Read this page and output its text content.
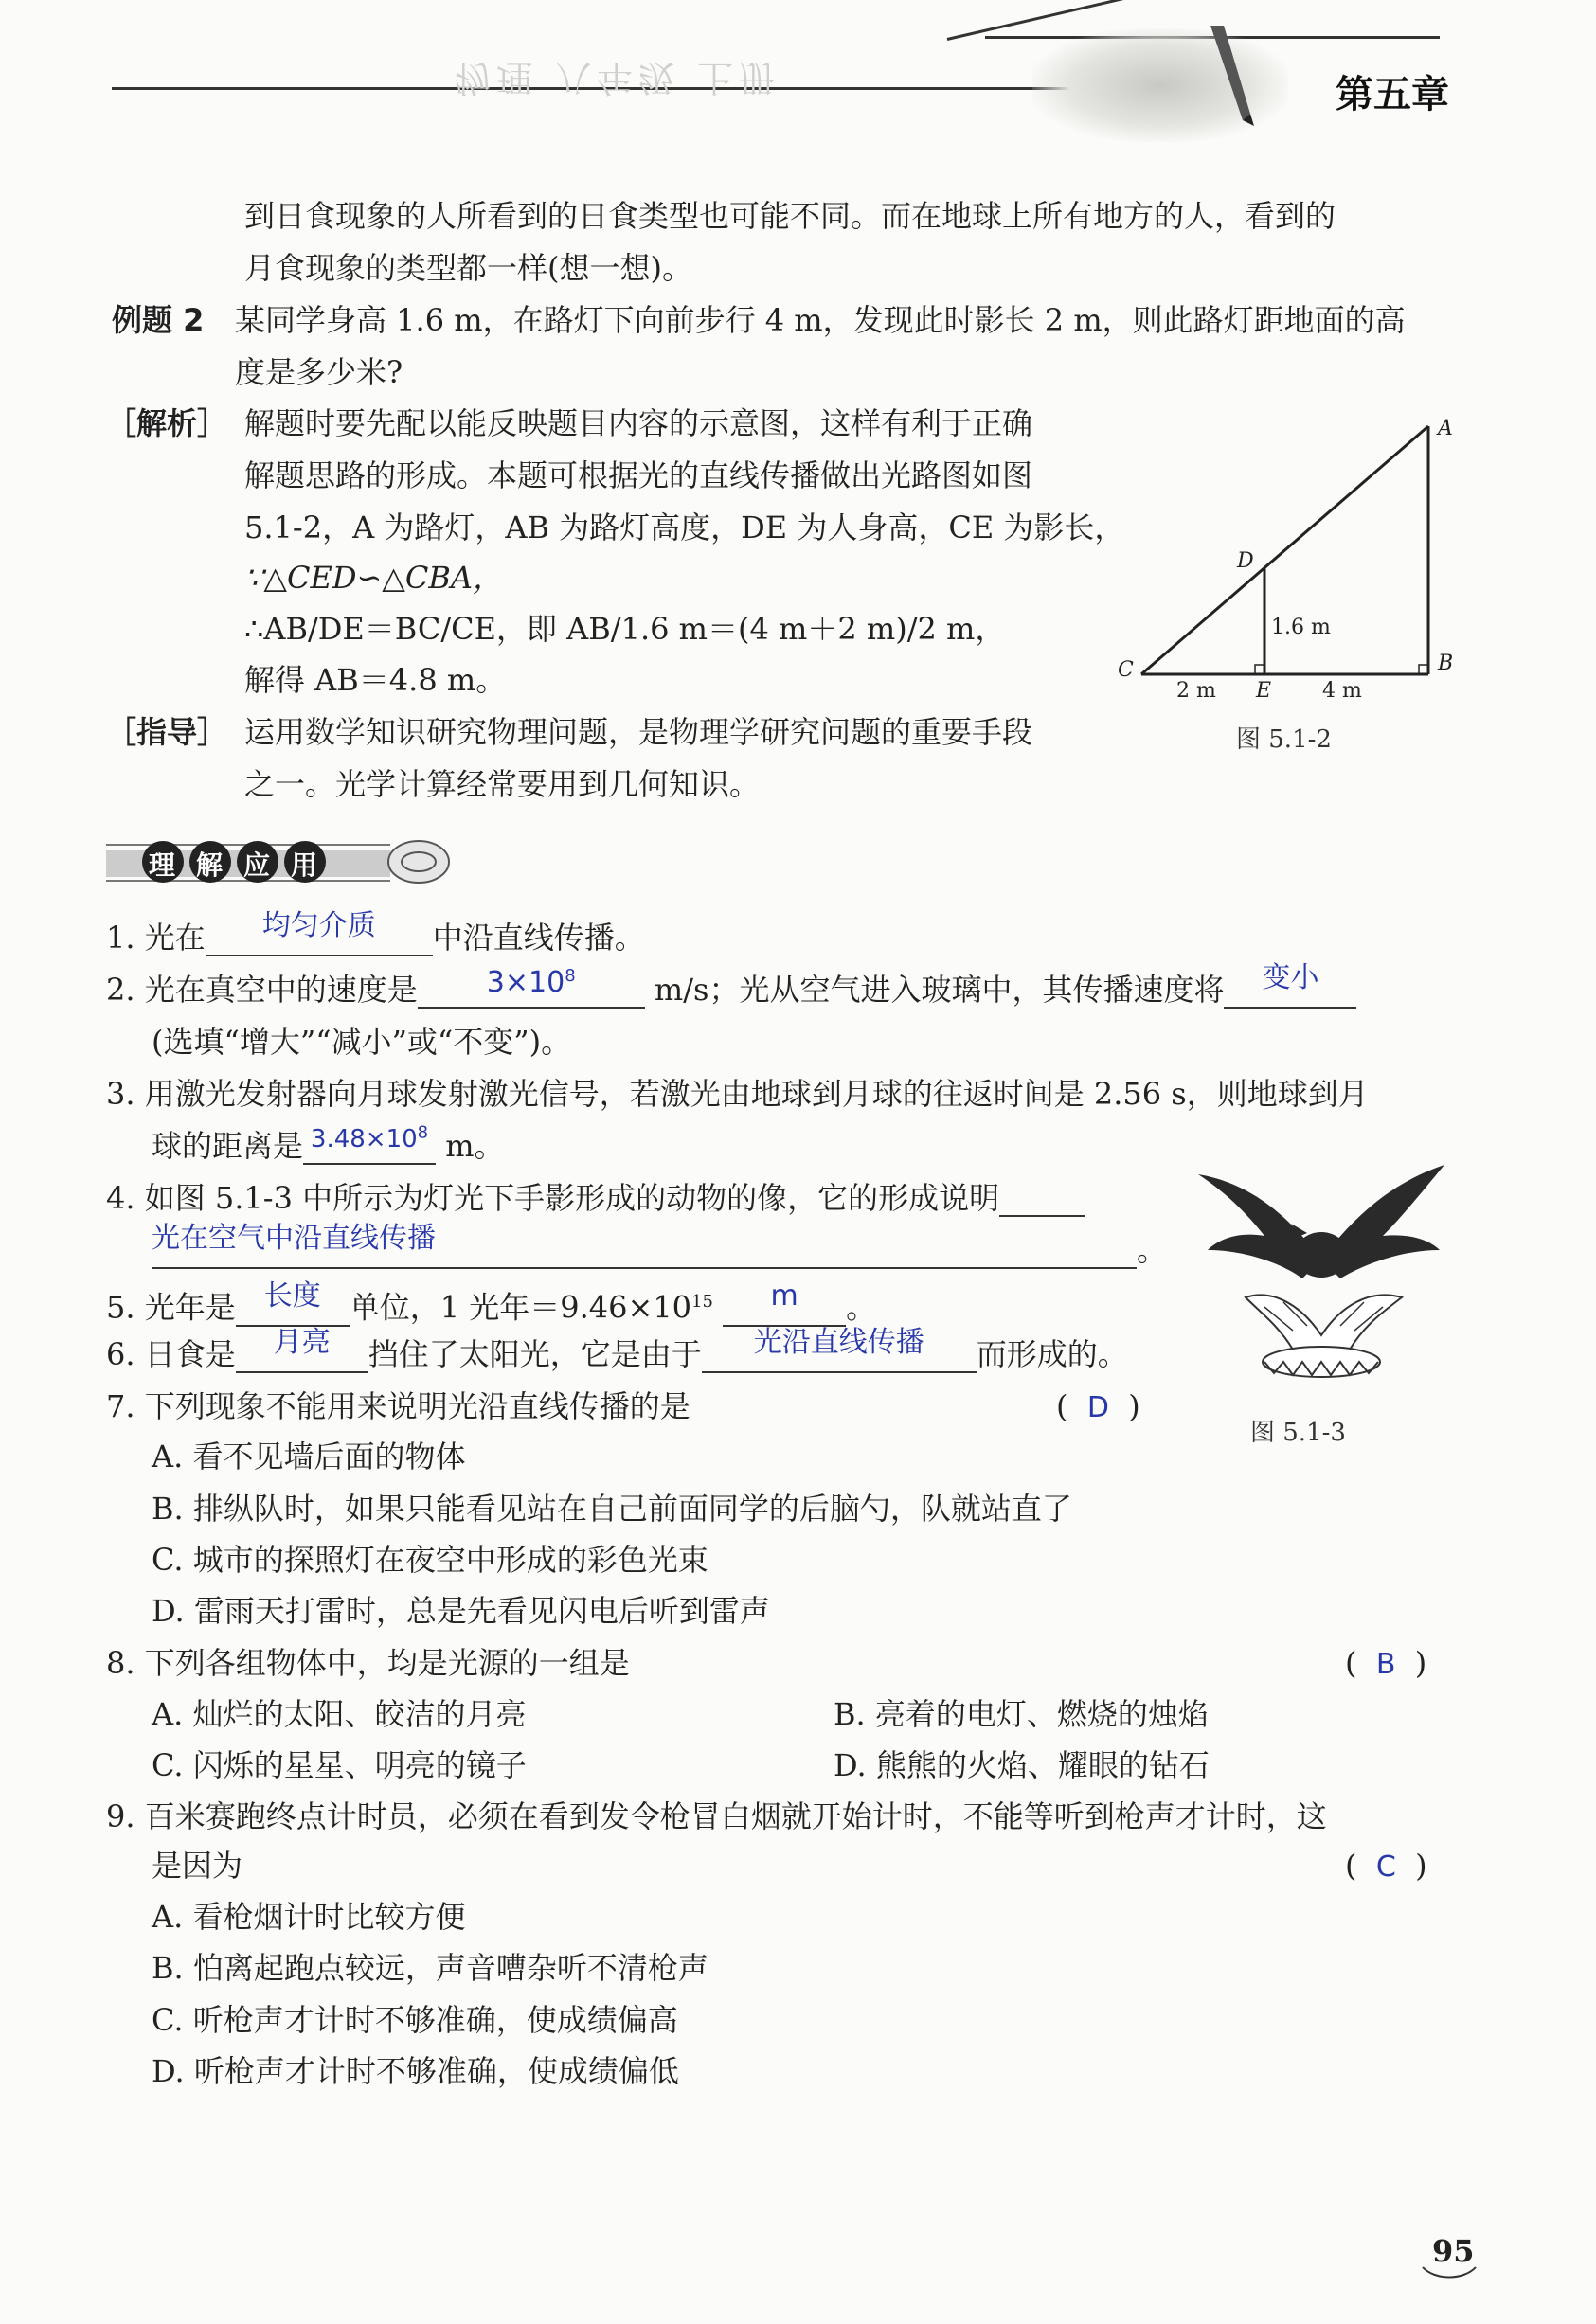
物理 八年级 上册	第五章
到日食现象的人所看到的日食类型也可能不同。而在地球上所有地方的人，看到的
月食现象的类型都一样(想一想)。
例题 2 某同学身高 1.6 m，在路灯下向前步行 4 m，发现此时影长 2 m，则此路灯距地面的高
度是多少米?
［解析］ 解题时要先配以能反映题目内容的示意图，这样有利于正确
解题思路的形成。本题可根据光的直线传播做出光路图如图
5.1-2，A 为路灯，AB 为路灯高度，DE 为人身高，CE 为影长，
∵△CED∽△CBA，
∴AB/DE＝BC/CE，即 AB/1.6 m＝(4 m＋2 m)/2 m，
解得 AB＝4.8 m。
［指导］ 运用数学知识研究物理问题，是物理学研究问题的重要手段
之一。光学计算经常要用到几何知识。
A
B
C
D
E
1.6 m
2 m	4 m
图 5.1-2
理 解 应 用
1. 光在 均匀介质 中沿直线传播。
2. 光在真空中的速度是 $3\times 10^8$	m/s；光从空气进入玻璃中，其传播速度将 变小
(选填“增大”“减小”或“不变”)。
3. 用激光发射器向月球发射激光信号，若激光由地球到月球的往返时间是 2.56 s，则地球到月
球的距离是 $^{3.48\times 10^8}$ m。
4. 如图 5.1-3 中所示为灯光下手影形成的动物的像，它的形成说明
光在空气中沿直线传播	。
5. 光年是 长度 单位，1 光年$=9.46\times 10^{15}$ m 。
6. 日食是 月亮 挡住了太阳光，它是由于 光沿直线传播 而形成的。
7. 下列现象不能用来说明光沿直线传播的是	(  D  )
A. 看不见墙后面的物体
B. 排纵队时，如果只能看见站在自己前面同学的后脑勺，队就站直了
C. 城市的探照灯在夜空中形成的彩色光束
D. 雷雨天打雷时，总是先看见闪电后听到雷声
8. 下列各组物体中，均是光源的一组是	(  B  )
A. 灿烂的太阳、皎洁的月亮	B. 亮着的电灯、燃烧的烛焰
C. 闪烁的星星、明亮的镜子	D. 熊熊的火焰、耀眼的钻石
9. 百米赛跑终点计时员，必须在看到发令枪冒白烟就开始计时，不能等听到枪声才计时，这
是因为	(  C  )
A. 看枪烟计时比较方便
B. 怕离起跑点较远，声音嘈杂听不清枪声
C. 听枪声才计时不够准确，使成绩偏高
D. 听枪声才计时不够准确，使成绩偏低
图 5.1-3
95
